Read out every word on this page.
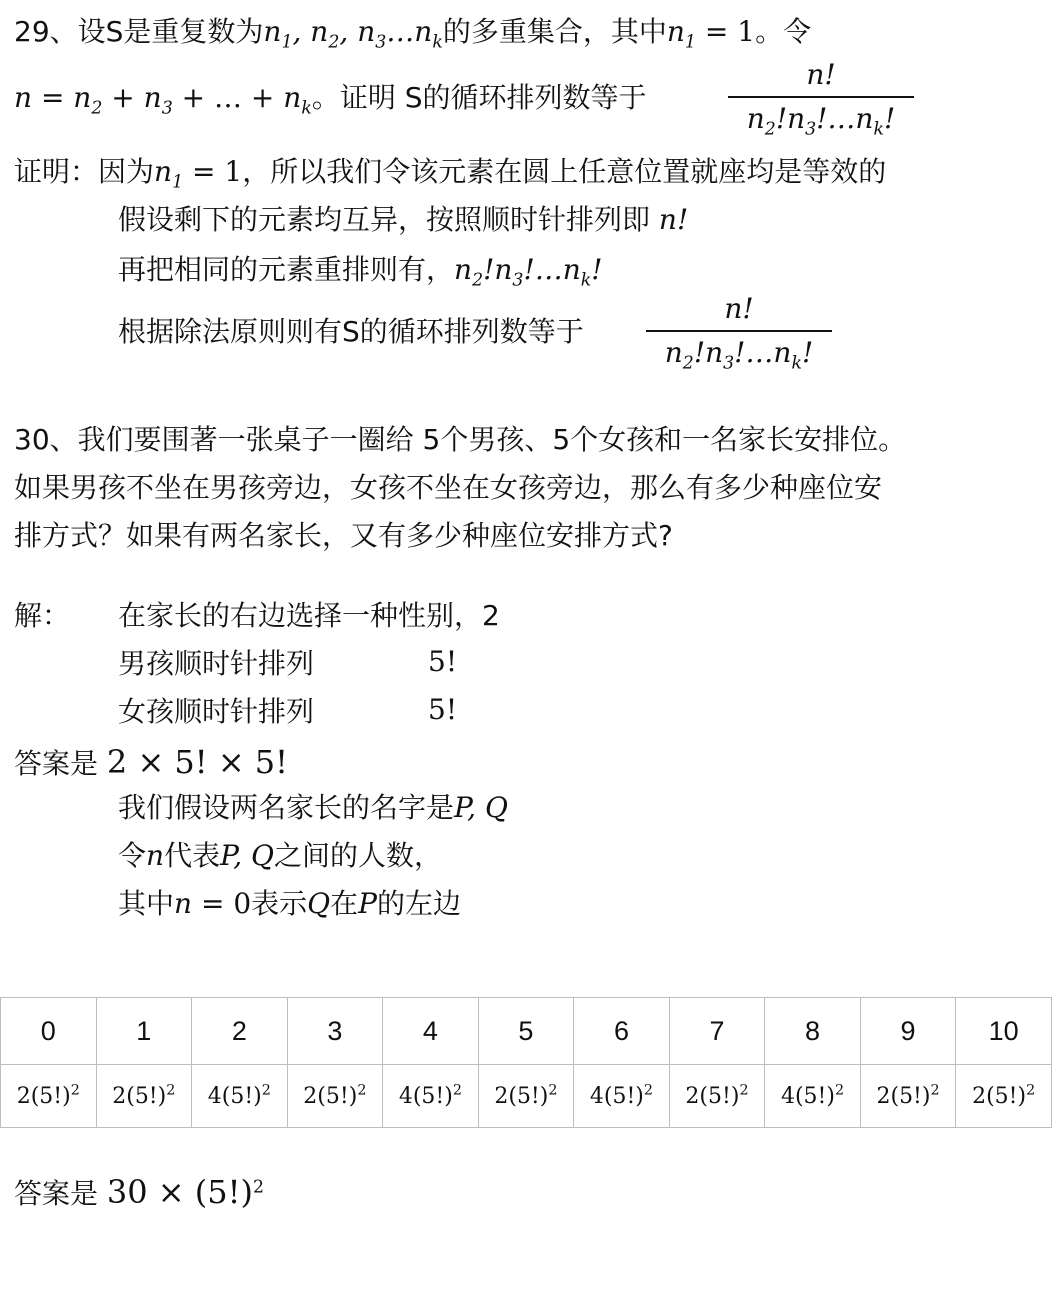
29、设S是重复数为$n_1$, $n_2$, $n_3\dots n_k$的多重集合，其中$n_1 = 1$。令
$n = n_2 + n_3$ + … + $n_k$。证明 S的循环排列数等于
n!
$n_2!n_3!\dots n_k$!
证明：因为$n_1 = 1$，所以我们令该元素在圆上任意位置就座均是等效的
假设剩下的元素均互异，按照顺时针排列即 n!
再把相同的元素重排则有，$n_2!n_3!\dots n_k$!
根据除法原则则有S的循环排列数等于
n!
$n_2!n_3!\dots n_k$!
30、我们要围著一张桌子一圈给 5个男孩、5个女孩和一名家长安排位。
如果男孩不坐在男孩旁边，女孩不坐在女孩旁边，那么有多少种座位安
排方式？如果有两名家长，又有多少种座位安排方式?
解： 在家长的右边选择一种性别，2
男孩顺时针排列	5!
女孩顺时针排列	5!
答案是 2 × 5! × 5!
我们假设两名家长的名字是P, Q
令n代表P, Q之间的人数，
其中n = 0表示Q在P的左边
0	1	2	3	4	5	6	7	8	9	10
$2(5!)^2$	$2(5!)^2$	$4(5!)^2$	$2(5!)^2$	$4(5!)^2$	$2(5!)^2$	$4(5!)^2$	$2(5!)^2$	$4(5!)^2$	$2(5!)^2$	$2(5!)^2$
答案是 $30 \times (5!)^2$
